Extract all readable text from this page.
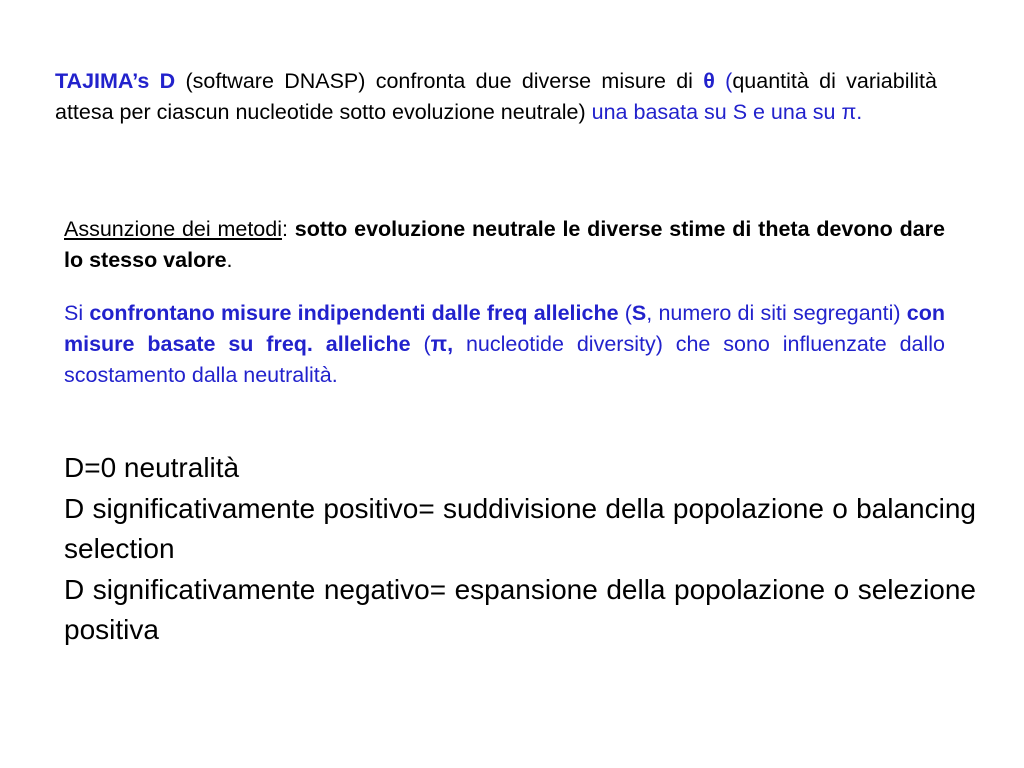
TAJIMA’s D (software DNASP) confronta due diverse misure di θ (quantità di variabilità attesa per ciascun nucleotide sotto evoluzione neutrale) una basata su S e una su π.
Assunzione dei metodi: sotto evoluzione neutrale le diverse stime di theta devono dare lo stesso valore.
Si confrontano misure indipendenti dalle freq alleliche (S, numero di siti segreganti) con misure basate su freq. alleliche (π, nucleotide diversity) che sono influenzate dallo scostamento dalla neutralità.
D=0 neutralità
D significativamente positivo= suddivisione della popolazione o balancing selection
D significativamente negativo= espansione della popolazione o selezione positiva
